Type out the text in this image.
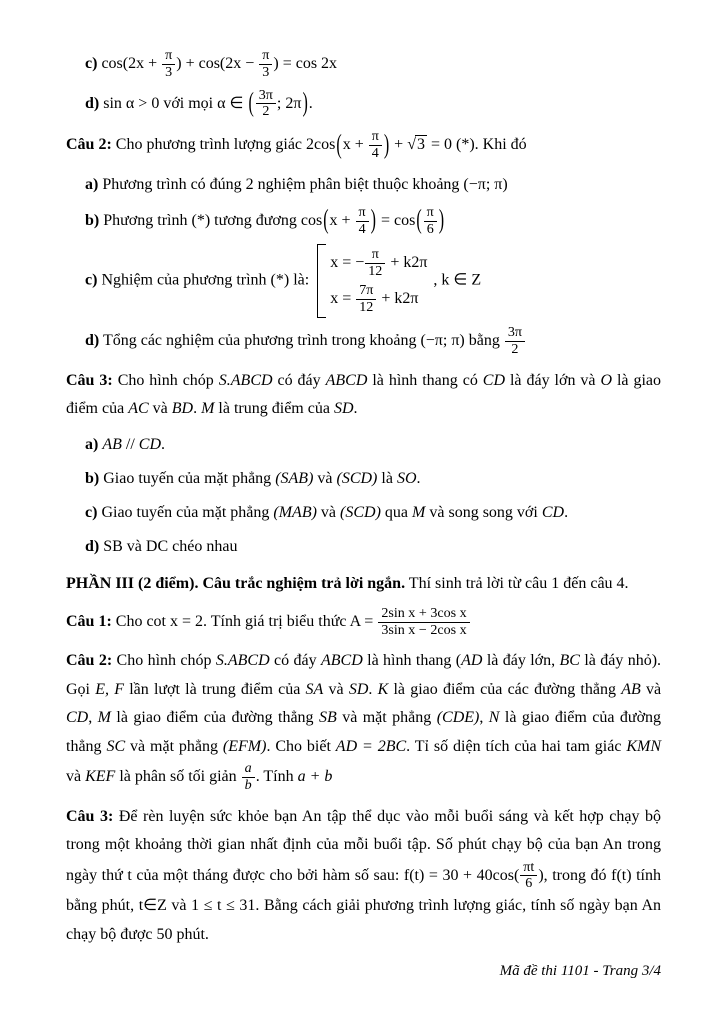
c) $\cos(2x + \frac{\pi}{3}$ ) + $\cos(2x - \frac{\pi}{3}$ ) = cos 2x
d) sin α > 0 với mọi α ∈ ( $\frac{3\pi}{2}$ ; 2π).
Câu 2: Cho phương trình lượng giác $2\cos(x + \frac{\pi}{4}$ ) + √3 = 0 (*). Khi đó
a) Phương trình có đúng 2 nghiệm phân biệt thuộc khoảng (−π; π)
b) Phương trình (*) tương đương $\cos(x + \frac{\pi}{4}$ ) = $\cos( \frac{\pi}{6}$ )
c) Nghiệm của phương trình (*) là:
x = − $\frac{\pi}{12} + k2\pi$
$x = \frac{7\pi}{12} + k2\pi$
, k ∈ Z
d) Tổng các nghiệm của phương trình trong khoảng (−π; π) bằng $\frac{3\pi}{2}$
Câu 3: Cho hình chóp S.ABCD có đáy ABCD là hình thang có CD là đáy lớn và O là giao điểm của AC và BD. M là trung điểm của SD.
a) AB // CD.
b) Giao tuyến của mặt phẳng (SAB) và (SCD) là SO.
c) Giao tuyến của mặt phẳng (MAB) và (SCD) qua M và song song với CD.
d) SB và DC chéo nhau
PHẦN III (2 điểm). Câu trắc nghiệm trả lời ngắn. Thí sinh trả lời từ câu 1 đến câu 4.
Câu 1: Cho cot x = 2. Tính giá trị biểu thức $A = \frac{\text{2sin x + 3cos x}}{\text{3sin x − 2cos x}}$
Câu 2: Cho hình chóp S.ABCD có đáy ABCD là hình thang (AD là đáy lớn, BC là đáy nhỏ). Gọi E, F lần lượt là trung điểm của SA và SD. K là giao điểm của các đường thẳng AB và CD, M là giao điểm của đường thẳng SB và mặt phẳng (CDE), N là giao điểm của đường thẳng SC và mặt phẳng (EFM). Cho biết AD = 2BC. Tỉ số diện tích của hai tam giác KMN và KEF là phân số tối giản $\frac{a}{b}$ . Tính a + b
Câu 3: Để rèn luyện sức khỏe bạn An tập thể dục vào mỗi buổi sáng và kết hợp chạy bộ trong một khoảng thời gian nhất định của mỗi buổi tập. Số phút chạy bộ của bạn An trong ngày thứ t của một tháng được cho bởi hàm số sau: $f(t) = 30 + 40\cos( \frac{\pi t}{6}$ ), trong đó f(t) tính bằng phút, t∈Z và 1 ≤ t ≤ 31. Bằng cách giải phương trình lượng giác, tính số ngày bạn An chạy bộ được 50 phút.
Mã đề thi 1101 - Trang 3/4
